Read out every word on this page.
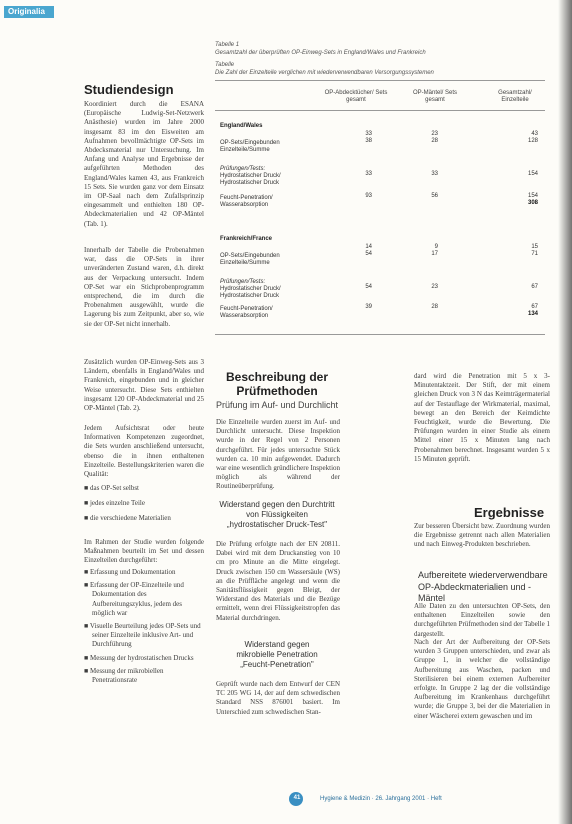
Originalia
Studiendesign
Koordiniert durch die ESANA (Europäische Ludwig-Set-Netzwerk Anästhesie) wurden im Jahre 2000 insgesamt 83 im den Eisweiten am Aufnahmen bevollmächtigte OP-Sets im Abdecksmaterial nur Untersuchung. Im Anfang und Analyse und Ergebnisse der aufgeführten Methoden des England/Wales kamen 43, aus Frankreich 15 Sets. Sie wurden ganz vor dem Einsatz im OP-Saal nach dem Zufallsprinzip eingesammelt und enthielten 180 OP-Abdeckmaterialien und 42 OP-Mäntel (Tab. 1).
Innerhalb der Tabelle die Probenahmen war, dass die OP-Sets in ihrer unveränderten Zustand waren, d.h. direkt aus der Verpackung untersucht. Indem OP-Set war ein Stichprobenprogramm entsprechend, die im durch die Probenahmen ausgewählt, wurde die Lagerung bis zum Zeitpunkt, aber so, wie sie der OP-Set nicht innerhalb.
Zusätzlich wurden OP-Einweg-Sets aus 3 Ländern, ebenfalls in England/Wales und Frankreich, eingebunden und in gleicher Weise untersucht. Diese Sets enthielten insgesamt 120 OP-Abdeckmaterial und 25 OP-Mäntel (Tab. 2).
Jedem Aufsichtsrat oder heute Informativen Kompetenzen zugeordnet, die Sets wurden anschließend untersucht, ebenso die in ihnen enthaltenen Einzelteile. Bestellungskriterien waren die Qualität:
■ das OP-Set selbst
■ jedes einzelne Teile
■ die verschiedene Materialien
Im Rahmen der Studie wurden folgende Maßnahmen beurteilt im Set und dessen Einzelteilen durchgeführt:
■ Erfassung und Dokumentation
■ Erfassung der OP-Einzelteile und Dokumentation des Aufbereitungszyklus, jedem des möglich war
■ Visuelle Beurteilung jedes OP-Sets und seiner Einzelteile inklusive Art- und Durchführung
■ Messung der hydrostatischen Drucks
■ Messung der mikrobiellen Penetrationsrate
Tabelle 1
Gesamtzahl der überprüften OP-Einweg-Sets in England/Wales und Frankreich
Tabelle
Die Zahl der Einzelteile verglichen mit wiederverwendbaren Versorgungssystemen
OP-Abdecktücher/ Sets gesamt
OP-Mäntel/ Sets gesamt
Gesamtzahl/ Einzelteile
England/Wales
OP-Sets/Eingebunden
33	23	43
Einzelteile/Summe
38	28	128
Prüfungen/Tests:
Hydrostatischer Druck/
Hydrostatischer Druck
33	33	154
Feucht-Penetration/
Wasserabsorption
93	56	154
308
Frankreich/France
OP-Sets/Eingebunden
14	9	15
Einzelteile/Summe
54	17	71
Prüfungen/Tests:
Hydrostatischer Druck/
Hydrostatischer Druck
54	23	67
Feucht-Penetration/
Wasserabsorption
39	28	67
134
Beschreibung der
Prüfmethoden
Prüfung im Auf- und Durchlicht
Die Einzelteile wurden zuerst im Auf- und Durchlicht untersucht. Diese Inspektion wurde in der Regel von 2 Personen durchgeführt. Für jedes untersuchte Stück wurden ca. 10 min aufgewendet. Dadurch war eine wesentlich gründlichere Inspektion möglich als während der Routineüberprüfung.
Widerstand gegen den Durchtritt
von Flüssigkeiten
„hydrostatischer Druck-Test"
Die Prüfung erfolgte nach der EN 20811. Dabei wird mit dem Druckanstieg von 10 cm pro Minute an die Mitte eingelegt. Druck zwischen 150 cm Wassersäule (WS) an die Prüffläche angelegt und wenn die Sanitätsflüssigkeit gegen Bleigt, der Widerstand des Materials und die Bezüge ermittelt, wenn drei Flüssigkeitstropfen das Material durchdringen.
Widerstand gegen
mikrobielle Penetration
„Feucht-Penetration"
Geprüft wurde nach dem Entwurf der CEN TC 205 WG 14, der auf dem schwedischen Standard NSS 876001 basiert. Im Unterschied zum schwedischen Stan-
dard wird die Penetration mit 5 x 3-Minutentaktzeit. Der Stift, der mit einem gleichen Druck von 3 N das Keimträgermaterial auf der Testauflage der Wirkmaterial, maximal, bewegt an den Bereich der Keimdichte Feuchtigkeit, wurde die Bewertung. Die Prüfungen wurden in einer Studie als einem Mittel einer 15 x Minuten lang nach Probenahmen berechnet. Insgesamt wurden 5 x 15 Minuten geprüft.
Ergebnisse
Zur besseren Übersicht bzw. Zuordnung wurden die Ergebnisse getrennt nach allen Materialien und nach Einweg-Produkten beschrieben.
Aufbereitete wiederverwendbare
OP-Abdeckmaterialien und -Mäntel
Alle Daten zu den untersuchten OP-Sets, den enthaltenen Einzelteilen sowie den durchgeführten Prüfmethoden sind der Tabelle 1 dargestellt.
Nach der Art der Aufbereitung der OP-Sets wurden 3 Gruppen unterschieden, und zwar als Gruppe 1, in welcher die vollständige Aufbereitung aus Waschen, packen und Sterilisieren bei einem externen Aufbereiter erfolgte. In Gruppe 2 lag der die vollständige Aufbereitung im Krankenhaus durchgeführt wurde; die Gruppe 3, bei der die Materialien in einer Wäscherei extern gewaschen und im
41	Hygiene & Medizin · 26. Jahrgang 2001 · Heft
